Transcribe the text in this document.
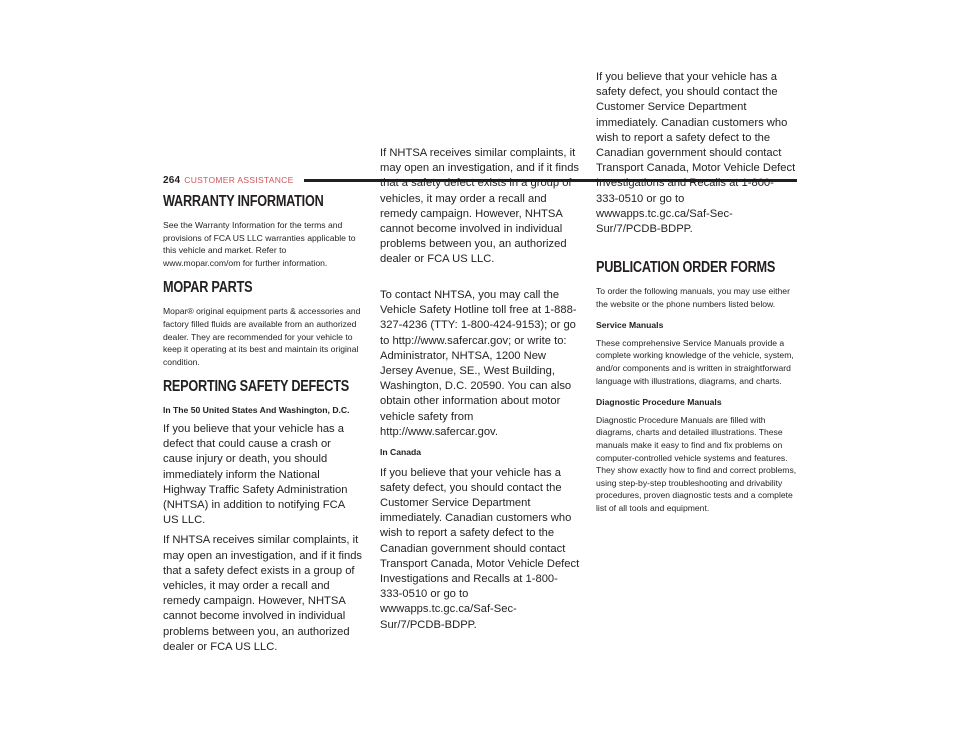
264 CUSTOMER ASSISTANCE
WARRANTY INFORMATION

See the Warranty Information for the terms and provisions of FCA US LLC warranties applicable to this vehicle and market. Refer to www.mopar.com/om for further information.

MOPAR PARTS

Mopar® original equipment parts & accessories and factory filled fluids are available from an authorized dealer. They are recommended for your vehicle to keep it operating at its best and maintain its original condition.

REPORTING SAFETY DEFECTS
In The 50 United States And Washington, D.C.

If you believe that your vehicle has a defect that could cause a crash or cause injury or death, you should immediately inform the National Highway Traffic Safety Administration (NHTSA) in addition to notifying FCA US LLC.

If NHTSA receives similar complaints, it may open an investigation, and if it finds that a safety defect exists in a group of vehicles, it may order a recall and remedy campaign. However, NHTSA cannot become involved in individual problems between you, an authorized dealer or FCA US LLC.

If NHTSA receives similar complaints, it may open an investigation, and if it finds that a safety defect exists in a group of vehicles, it may order a recall and remedy campaign. However, NHTSA cannot become involved in individual problems between you, an authorized dealer or FCA US LLC.

To contact NHTSA, you may call the Vehicle Safety Hotline toll free at 1-888-327-4236 (TTY: 1-800-424-9153); or go to http://www.safercar.gov; or write to: Administrator, NHTSA, 1200 New Jersey Avenue, SE., West Building, Washington, D.C. 20590. You can also obtain other information about motor vehicle safety from http://www.safercar.gov.

In Canada

If you believe that your vehicle has a safety defect, you should contact the Customer Service Department immediately. Canadian customers who wish to report a safety defect to the Canadian government should contact Transport Canada, Motor Vehicle Defect Investigations and Recalls at 1-800-333-0510 or go to wwwapps.tc.gc.ca/Saf-Sec-Sur/7/PCDB-BDPP.

If you believe that your vehicle has a safety defect, you should contact the Customer Service Department immediately. Canadian customers who wish to report a safety defect to the Canadian government should contact Transport Canada, Motor Vehicle Defect Investigations and Recalls at 1-800-333-0510 or go to wwwapps.tc.gc.ca/Saf-Sec-Sur/7/PCDB-BDPP.

PUBLICATION ORDER FORMS

To order the following manuals, you may use either the website or the phone numbers listed below.

Service Manuals

These comprehensive Service Manuals provide a complete working knowledge of the vehicle, system, and/or components and is written in straightforward language with illustrations, diagrams, and charts.

Diagnostic Procedure Manuals

Diagnostic Procedure Manuals are filled with diagrams, charts and detailed illustrations. These manuals make it easy to find and fix problems on computer-controlled vehicle systems and features. They show exactly how to find and correct problems, using step-by-step troubleshooting and drivability procedures, proven diagnostic tests and a complete list of all tools and equipment.
